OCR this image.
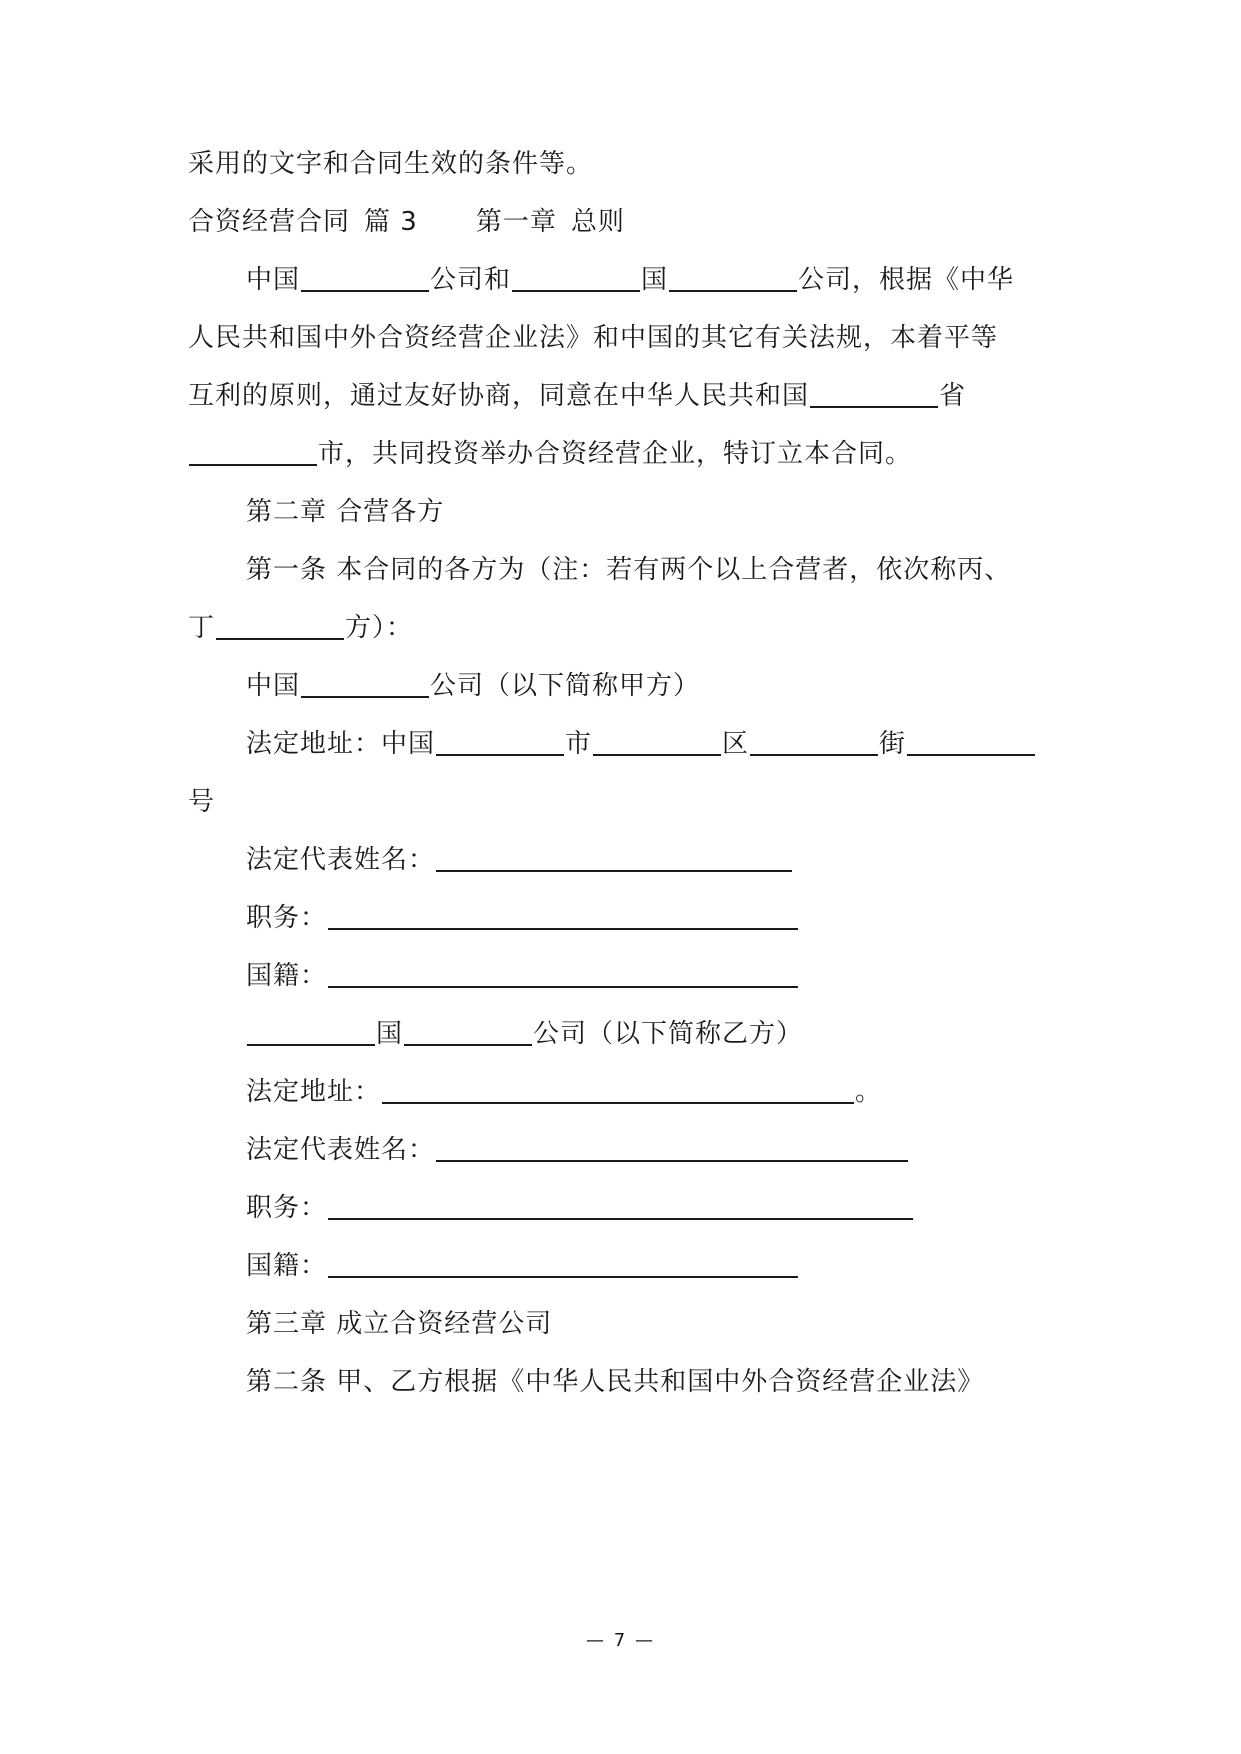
采用的文字和合同生效的条件等。
合资经营合同 篇 3 第一章 总则
中国	公司和	国	公司，根据《中华
人民共和国中外合资经营企业法》和中国的其它有关法规，本着平等
互利的原则，通过友好协商，同意在中华人民共和国	省
市，共同投资举办合资经营企业，特订立本合同。
第二章 合营各方
第一条 本合同的各方为（注：若有两个以上合营者，依次称丙、
丁	方）：
中国	公司（以下简称甲方）
法定地址：中国	市	区	街
号
法定代表姓名：
职务：
国籍：
国	公司（以下简称乙方）
法定地址：	。
法定代表姓名：
职务：
国籍：
第三章 成立合资经营公司
第二条 甲、乙方根据《中华人民共和国中外合资经营企业法》
— 7 —
